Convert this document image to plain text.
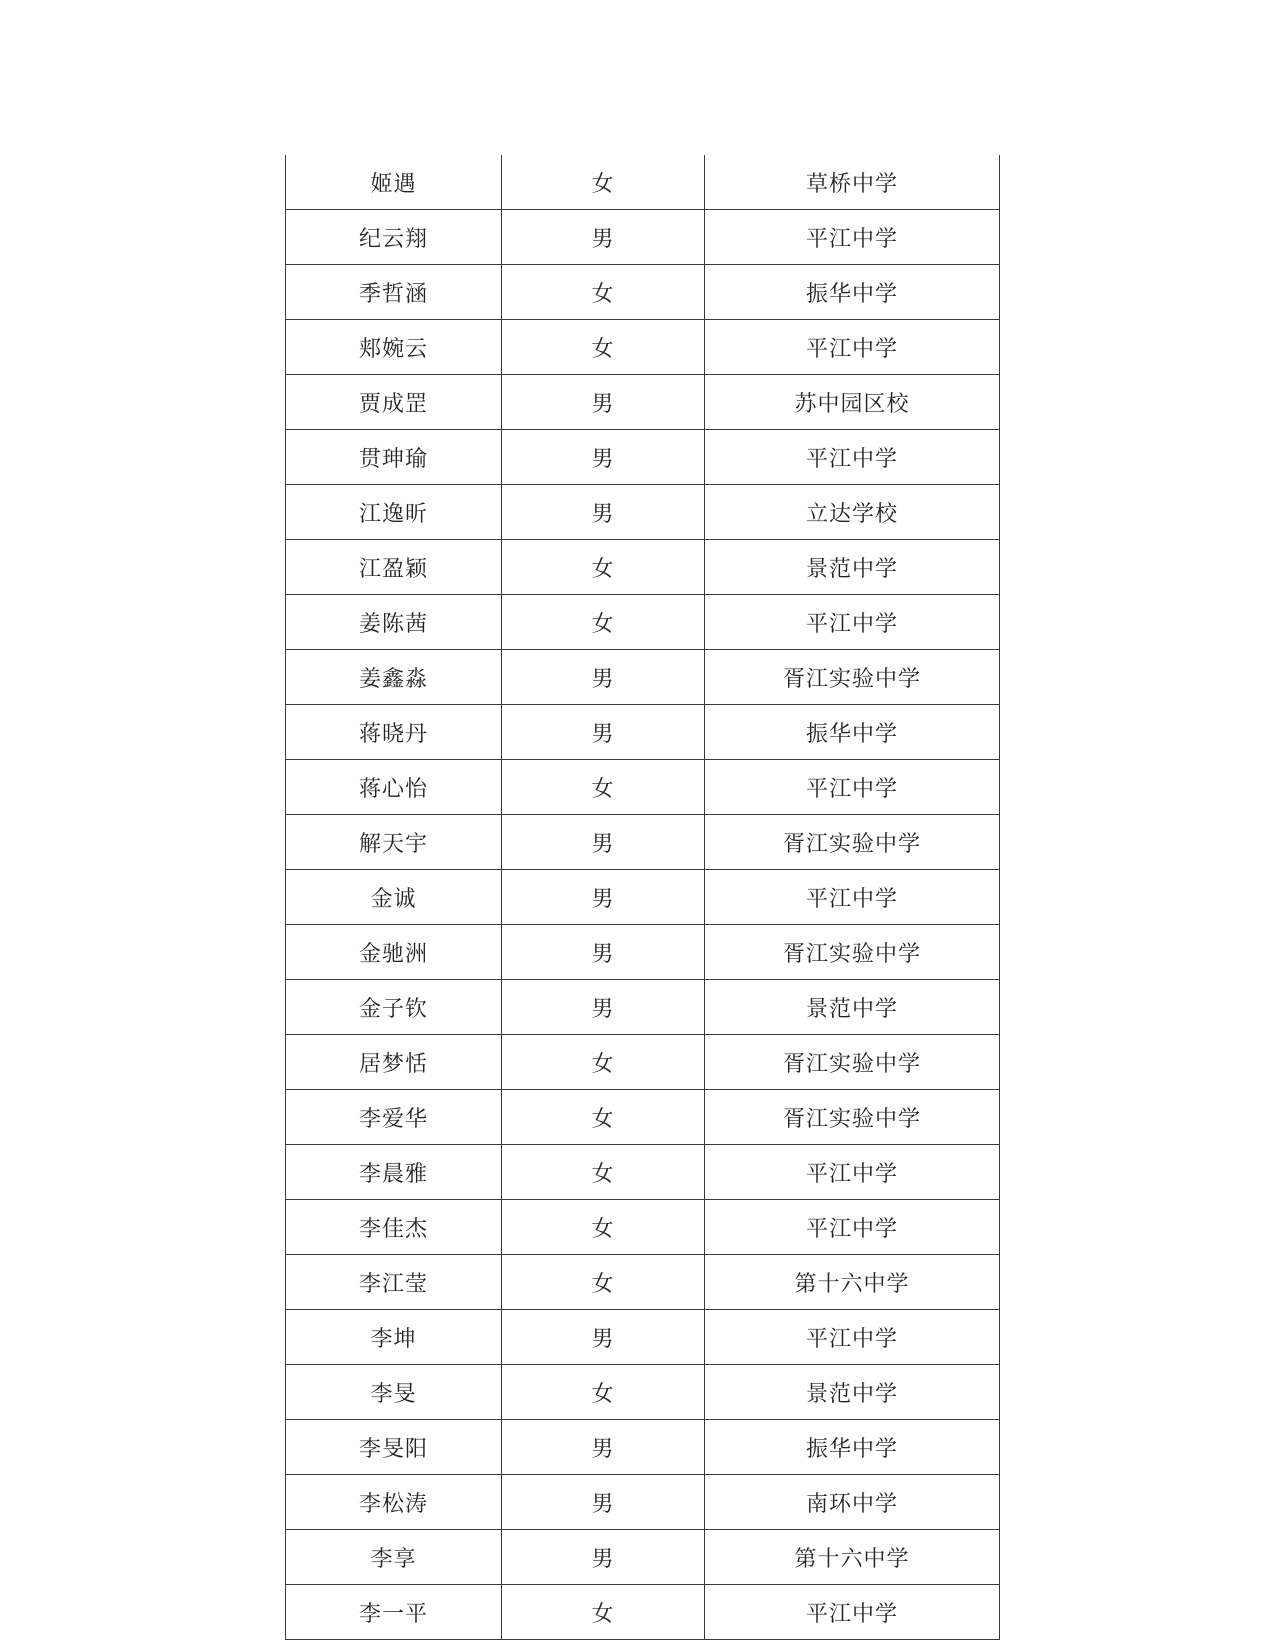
姬遇	女	草桥中学
纪云翔	男	平江中学
季哲涵	女	振华中学
郏婉云	女	平江中学
贾成罡	男	苏中园区校
贯珅瑜	男	平江中学
江逸昕	男	立达学校
江盈颖	女	景范中学
姜陈茜	女	平江中学
姜鑫淼	男	胥江实验中学
蒋晓丹	男	振华中学
蒋心怡	女	平江中学
解天宇	男	胥江实验中学
金诚	男	平江中学
金驰洲	男	胥江实验中学
金子钦	男	景范中学
居梦恬	女	胥江实验中学
李爱华	女	胥江实验中学
李晨雅	女	平江中学
李佳杰	女	平江中学
李江莹	女	第十六中学
李坤	男	平江中学
李旻	女	景范中学
李旻阳	男	振华中学
李松涛	男	南环中学
李享	男	第十六中学
李一平	女	平江中学
